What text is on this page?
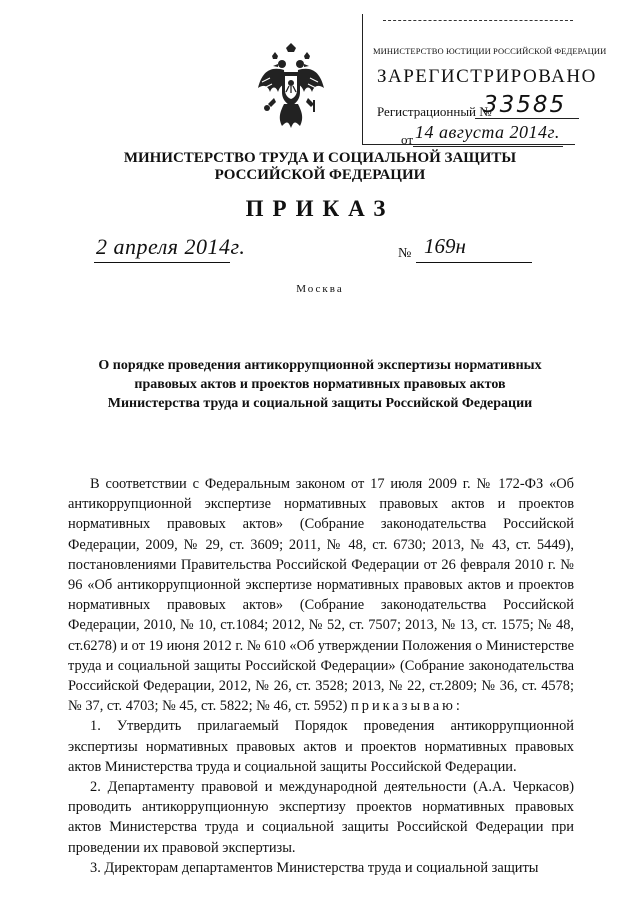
МИНИСТЕРСТВО ЮСТИЦИИ РОССИЙСКОЙ ФЕДЕРАЦИИ
ЗАРЕГИСТРИРОВАНО
Регистрационный №
33585
от 14 августа 2014г.
МИНИСТЕРСТВО ТРУДА И СОЦИАЛЬНОЙ ЗАЩИТЫ
РОССИЙСКОЙ ФЕДЕРАЦИИ
ПРИКАЗ
2 апреля 2014г.	№ 169н
Москва
О порядке проведения антикоррупционной экспертизы нормативных
правовых актов и проектов нормативных правовых актов
Министерства труда и социальной защиты Российской Федерации

В соответствии с Федеральным законом от 17 июля 2009 г. № 172-ФЗ «Об антикоррупционной экспертизе нормативных правовых актов и проектов нормативных правовых актов» (Собрание законодательства Российской Федерации, 2009, № 29, ст. 3609; 2011, № 48, ст. 6730; 2013, № 43, ст. 5449), постановлениями Правительства Российской Федерации от 26 февраля 2010 г. № 96 «Об антикоррупционной экспертизе нормативных правовых актов и проектов нормативных правовых актов» (Собрание законодательства Российской Федерации, 2010, № 10, ст.1084; 2012, № 52, ст. 7507; 2013, № 13, ст. 1575; № 48, ст.6278) и от 19 июня 2012 г. № 610 «Об утверждении Положения о Министерстве труда и социальной защиты Российской Федерации» (Собрание законодательства Российской Федерации, 2012, № 26, ст. 3528; 2013, № 22, ст.2809; № 36, ст. 4578; № 37, ст. 4703; № 45, ст. 5822; № 46, ст. 5952) приказываю:

1. Утвердить прилагаемый Порядок проведения антикоррупционной экспертизы нормативных правовых актов и проектов нормативных правовых актов Министерства труда и социальной защиты Российской Федерации.

2. Департаменту правовой и международной деятельности (А.А. Черкасов) проводить антикоррупционную экспертизу проектов нормативных правовых актов Министерства труда и социальной защиты Российской Федерации при проведении их правовой экспертизы.

3. Директорам департаментов Министерства труда и социальной защиты
